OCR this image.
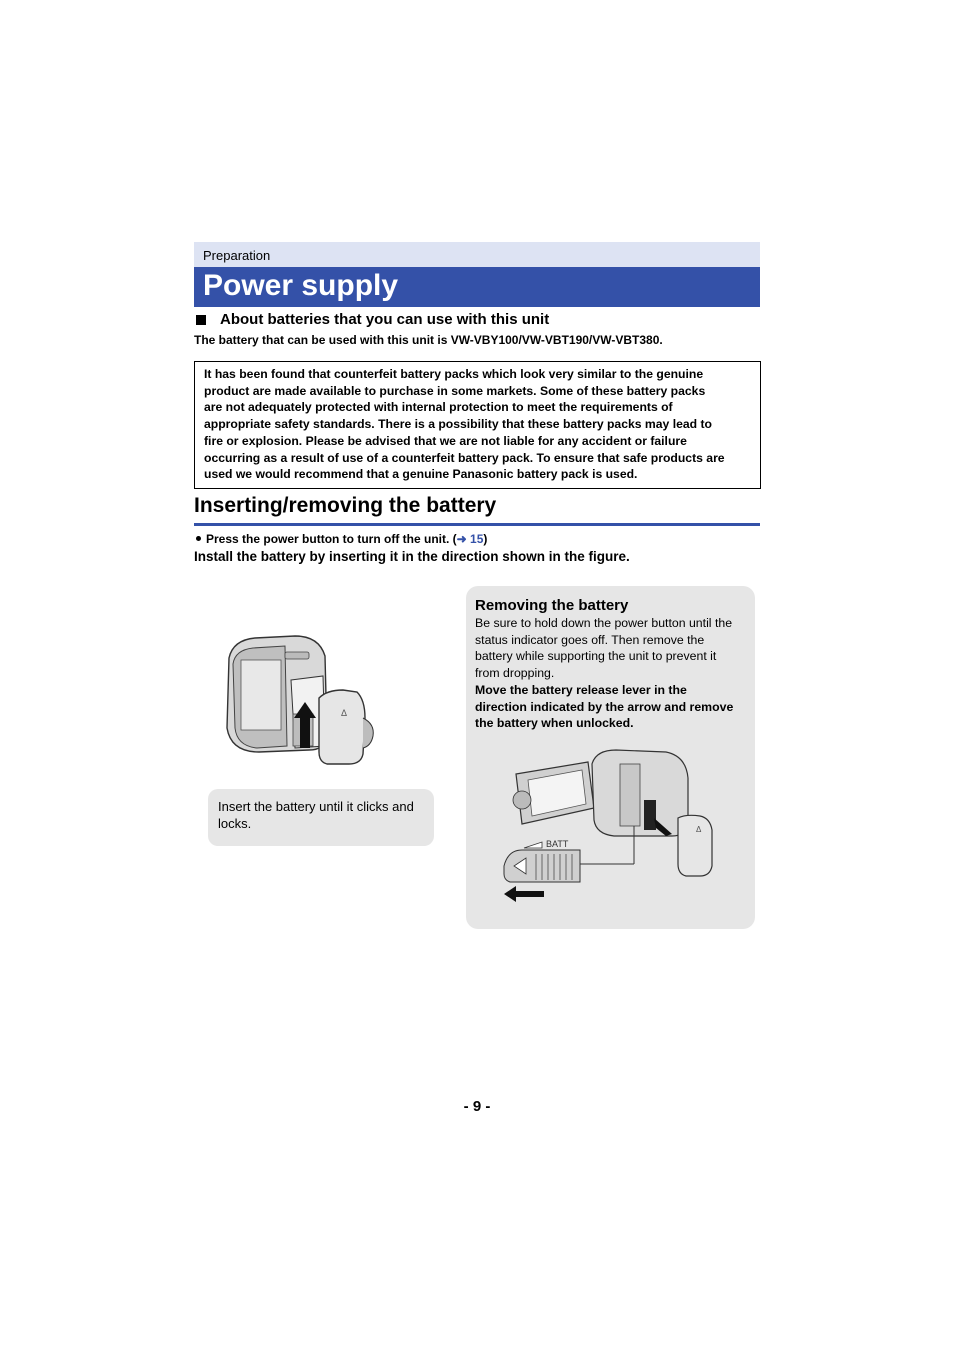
Preparation
Power supply
About batteries that you can use with this unit
The battery that can be used with this unit is VW-VBY100/VW-VBT190/VW-VBT380.
It has been found that counterfeit battery packs which look very similar to the genuine
product are made available to purchase in some markets. Some of these battery packs
are not adequately protected with internal protection to meet the requirements of
appropriate safety standards. There is a possibility that these battery packs may lead to
fire or explosion. Please be advised that we are not liable for any accident or failure
occurring as a result of use of a counterfeit battery pack. To ensure that safe products are
used we would recommend that a genuine Panasonic battery pack is used.
Inserting/removing the battery
Press the power button to turn off the unit. (➜ 15)
Install the battery by inserting it in the direction shown in the figure.
Δ
Insert the battery until it clicks and
locks.
Removing the battery
Be sure to hold down the power button until the
status indicator goes off. Then remove the
battery while supporting the unit to prevent it
from dropping.
Move the battery release lever in the
direction indicated by the arrow and remove
the battery when unlocked.
Δ
BATT
- 9 -
